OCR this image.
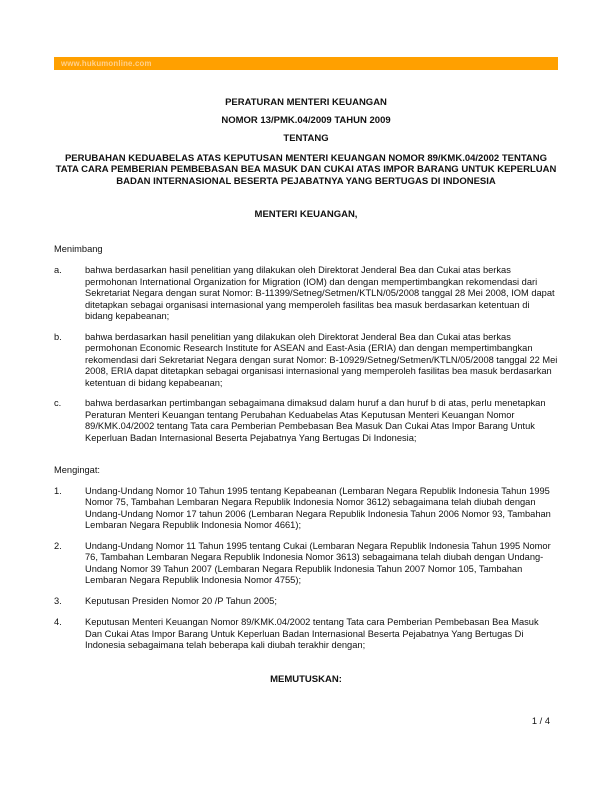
www.hukumonline.com

PERATURAN MENTERI KEUANGAN

NOMOR 13/PMK.04/2009 TAHUN 2009

TENTANG

PERUBAHAN KEDUABELAS ATAS KEPUTUSAN MENTERI KEUANGAN NOMOR 89/KMK.04/2002 TENTANG TATA CARA PEMBERIAN PEMBEBASAN BEA MASUK DAN CUKAI ATAS IMPOR BARANG UNTUK KEPERLUAN BADAN INTERNASIONAL BESERTA PEJABATNYA YANG BERTUGAS DI INDONESIA

MENTERI KEUANGAN,

Menimbang

a.	bahwa berdasarkan hasil penelitian yang dilakukan oleh Direktorat Jenderal Bea dan Cukai atas berkas permohonan International Organization for Migration (IOM) dan dengan mempertimbangkan rekomendasi dari Sekretariat Negara dengan surat Nomor: B-11399/Setneg/Setmen/KTLN/05/2008 tanggal 28 Mei 2008, IOM dapat ditetapkan sebagai organisasi internasional yang memperoleh fasilitas bea masuk berdasarkan ketentuan di bidang kepabeanan;
b.	bahwa berdasarkan hasil penelitian yang dilakukan oleh Direktorat Jenderal Bea dan Cukai atas berkas permohonan Economic Research Institute for ASEAN and East-Asia (ERIA) dan dengan mempertimbangkan rekomendasi dari Sekretariat Negara dengan surat Nomor: B-10929/Setneg/Setmen/KTLN/05/2008 tanggal 22 Mei 2008, ERIA dapat ditetapkan sebagai organisasi internasional yang memperoleh fasilitas bea masuk berdasarkan ketentuan di bidang kepabeanan;
c.	bahwa berdasarkan pertimbangan sebagaimana dimaksud dalam huruf a dan huruf b di atas, perlu menetapkan Peraturan Menteri Keuangan tentang Perubahan Keduabelas Atas Keputusan Menteri Keuangan Nomor 89/KMK.04/2002 tentang Tata cara Pemberian Pembebasan Bea Masuk Dan Cukai Atas Impor Barang Untuk Keperluan Badan Internasional Beserta Pejabatnya Yang Bertugas Di Indonesia;

Mengingat:

1.	Undang-Undang Nomor 10 Tahun 1995 tentang Kepabeanan (Lembaran Negara Republik Indonesia Tahun 1995 Nomor 75, Tambahan Lembaran Negara Republik Indonesia Nomor 3612) sebagaimana telah diubah dengan Undang-Undang Nomor 17 tahun 2006 (Lembaran Negara Republik Indonesia Tahun 2006 Nomor 93, Tambahan Lembaran Negara Republik Indonesia Nomor 4661);
2.	Undang-Undang Nomor 11 Tahun 1995 tentang Cukai (Lembaran Negara Republik Indonesia Tahun 1995 Nomor 76, Tambahan Lembaran Negara Republik Indonesia Nomor 3613) sebagaimana telah diubah dengan Undang-Undang Nomor 39 Tahun 2007 (Lembaran Negara Republik Indonesia Tahun 2007 Nomor 105, Tambahan Lembaran Negara Republik Indonesia Nomor 4755);
3.	Keputusan Presiden Nomor 20 /P Tahun 2005;
4.	Keputusan Menteri Keuangan Nomor 89/KMK.04/2002 tentang Tata cara Pemberian Pembebasan Bea Masuk Dan Cukai Atas Impor Barang Untuk Keperluan Badan Internasional Beserta Pejabatnya Yang Bertugas Di Indonesia sebagaimana telah beberapa kali diubah terakhir dengan;

MEMUTUSKAN:

1 / 4
